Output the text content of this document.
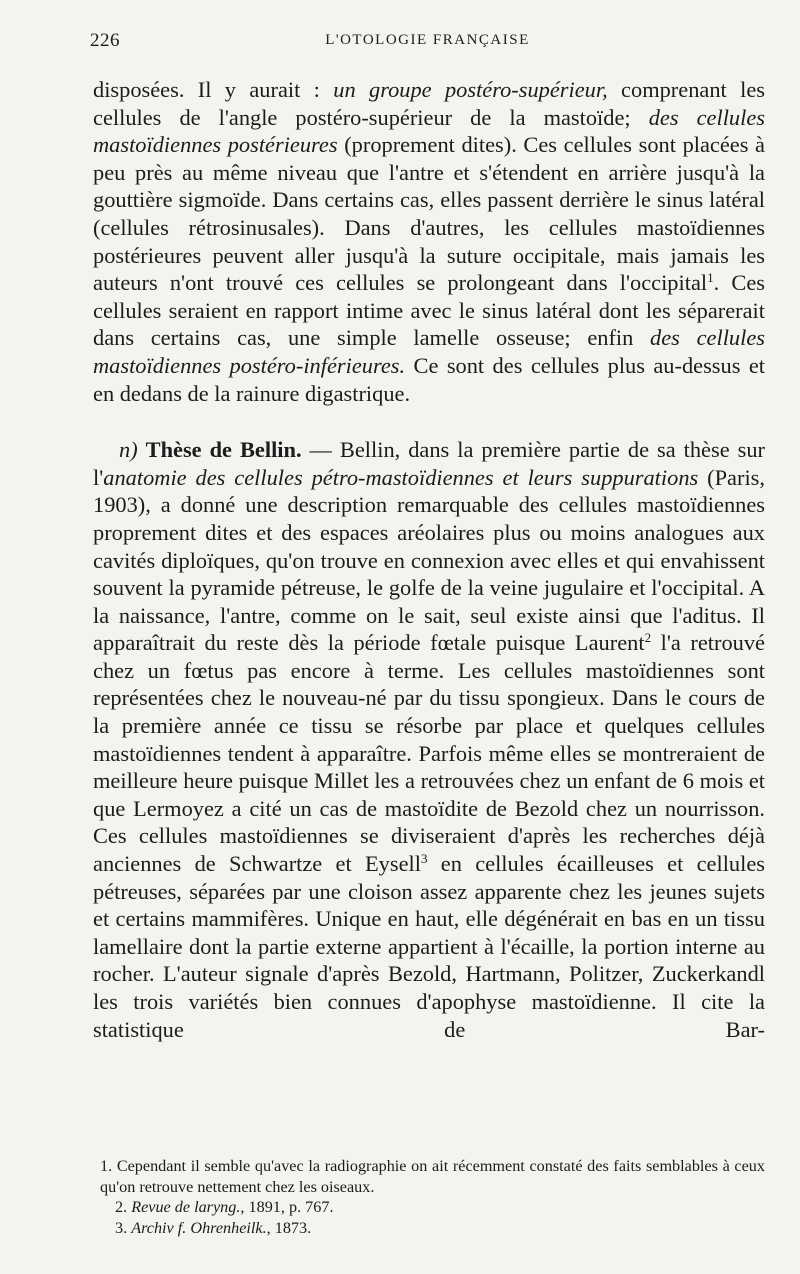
226	L'OTOLOGIE FRANÇAISE

disposées. Il y aurait : un groupe postéro-supérieur, comprenant les cellules de l'angle postéro-supérieur de la mastoïde; des cellules mastoïdiennes postérieures (proprement dites). Ces cellules sont placées à peu près au même niveau que l'antre et s'étendent en arrière jusqu'à la gouttière sigmoïde. Dans certains cas, elles passent derrière le sinus latéral (cellules rétrosinusales). Dans d'autres, les cellules mastoïdiennes postérieures peuvent aller jusqu'à la suture occipitale, mais jamais les auteurs n'ont trouvé ces cellules se prolongeant dans l'occipital$^1$. Ces cellules seraient en rapport intime avec le sinus latéral dont les séparerait dans certains cas, une simple lamelle osseuse; enfin des cellules mastoïdiennes postéro-inférieures. Ce sont des cellules plus au-dessus et en dedans de la rainure digastrique.

n) Thèse de Bellin. — Bellin, dans la première partie de sa thèse sur l'anatomie des cellules pétro-mastoïdiennes et leurs suppurations (Paris, 1903), a donné une description remarquable des cellules mastoïdiennes proprement dites et des espaces aréolaires plus ou moins analogues aux cavités diploïques, qu'on trouve en connexion avec elles et qui envahissent souvent la pyramide pétreuse, le golfe de la veine jugulaire et l'occipital. A la naissance, l'antre, comme on le sait, seul existe ainsi que l'aditus. Il apparaîtrait du reste dès la période fœtale puisque Laurent$^2$ l'a retrouvé chez un fœtus pas encore à terme. Les cellules mastoïdiennes sont représentées chez le nouveau-né par du tissu spongieux. Dans le cours de la première année ce tissu se résorbe par place et quelques cellules mastoïdiennes tendent à apparaître. Parfois même elles se montreraient de meilleure heure puisque Millet les a retrouvées chez un enfant de 6 mois et que Lermoyez a cité un cas de mastoïdite de Bezold chez un nourrisson. Ces cellules mastoïdiennes se diviseraient d'après les recherches déjà anciennes de Schwartze et Eysell$^3$ en cellules écailleuses et cellules pétreuses, séparées par une cloison assez apparente chez les jeunes sujets et certains mammifères. Unique en haut, elle dégénérait en bas en un tissu lamellaire dont la partie externe appartient à l'écaille, la portion interne au rocher. L'auteur signale d'après Bezold, Hartmann, Politzer, Zuckerkandl les trois variétés bien connues d'apophyse mastoïdienne. Il cite la statistique de Bar-

1. Cependant il semble qu'avec la radiographie on ait récemment constaté des faits semblables à ceux qu'on retrouve nettement chez les oiseaux.

2. Revue de laryng., 1891, p. 767.

3. Archiv f. Ohrenheilk., 1873.
